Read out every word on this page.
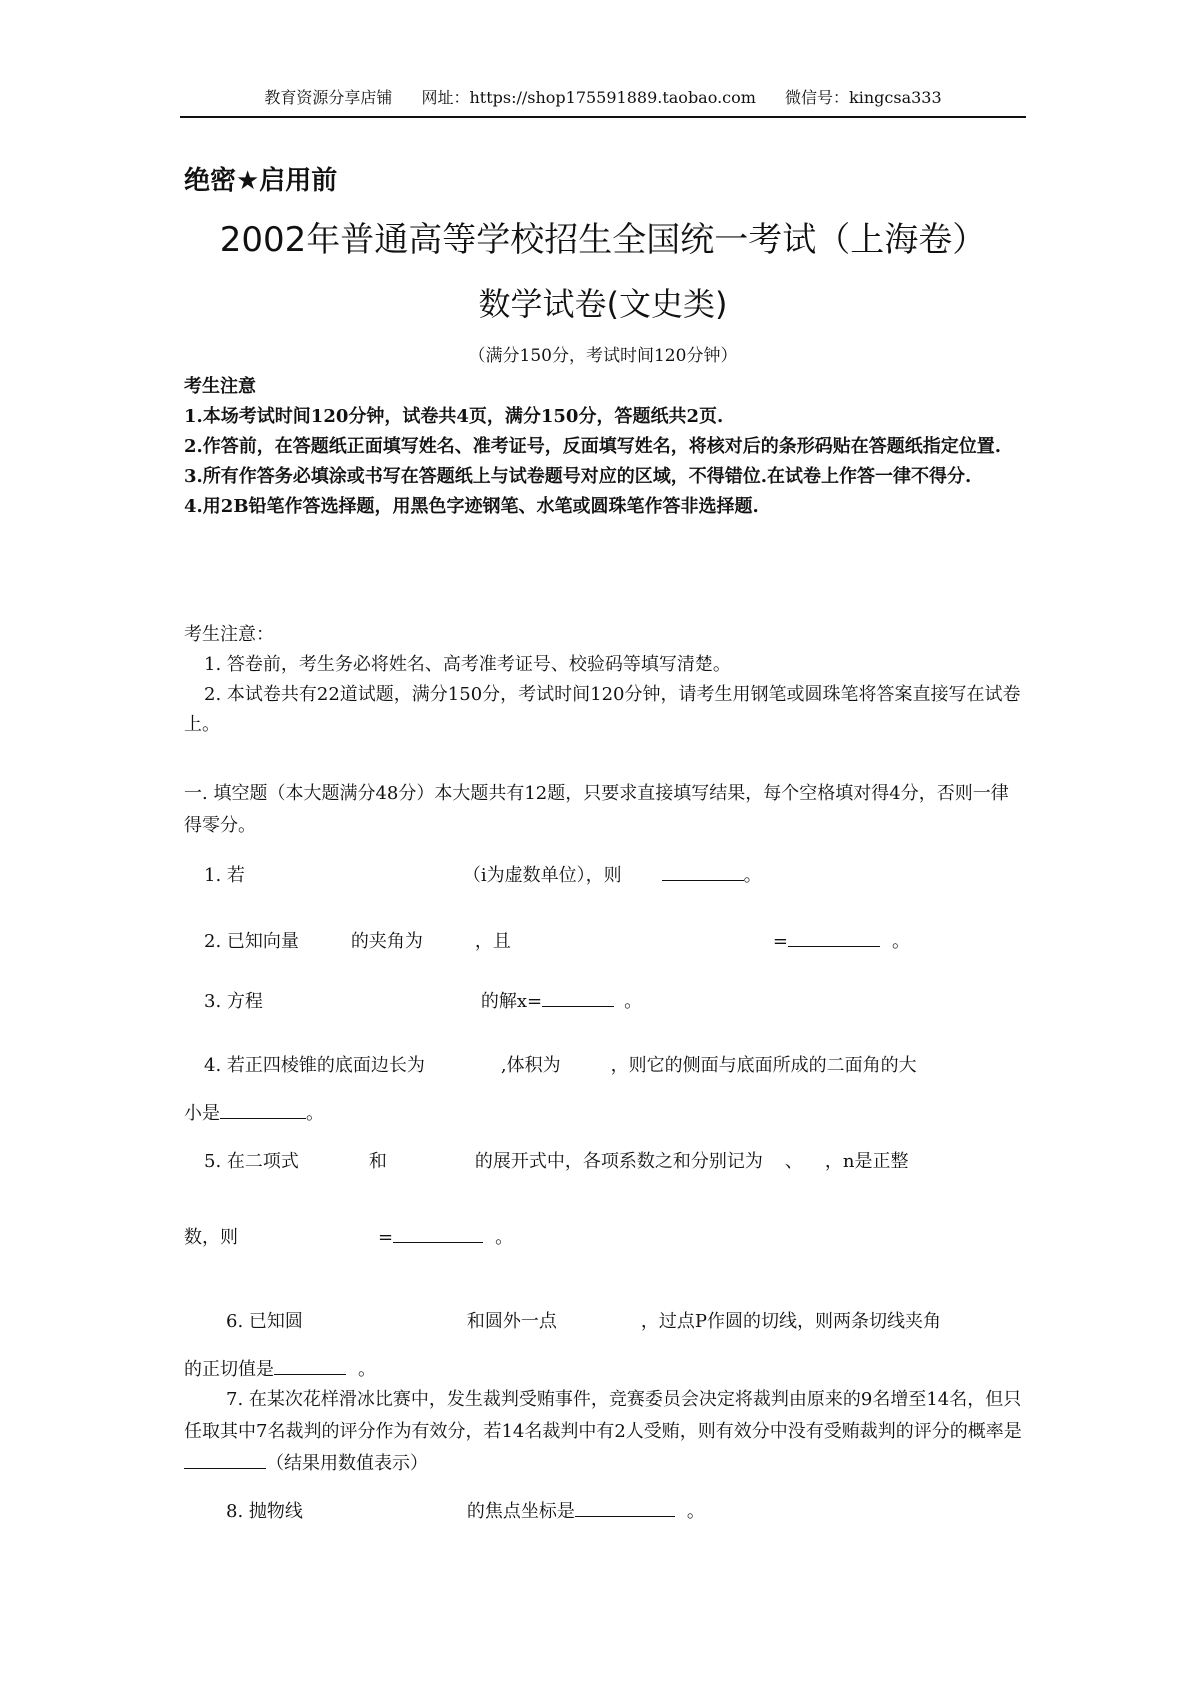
教育资源分享店铺 网址：https://shop175591889.taobao.com 微信号：kingcsa333
绝密★启用前
2002年普通高等学校招生全国统一考试（上海卷）
数学试卷(文史类)
（满分150分，考试时间120分钟）

考生注意

1.本场考试时间120分钟，试卷共4页，满分150分，答题纸共2页.

2.作答前，在答题纸正面填写姓名、准考证号，反面填写姓名，将核对后的条形码贴在答题纸指定位置.

3.所有作答务必填涂或书写在答题纸上与试卷题号对应的区域，不得错位.在试卷上作答一律不得分.

4.用2B铅笔作答选择题，用黑色字迹钢笔、水笔或圆珠笔作答非选择题.

考生注意：

1. 答卷前，考生务必将姓名、高考准考证号、校验码等填写清楚。

2. 本试卷共有22道试题，满分150分，考试时间120分钟，请考生用钢笔或圆珠笔将答案直接写在试卷上。

一. 填空题（本大题满分48分）本大题共有12题，只要求直接填写结果，每个空格填对得4分，否则一律得零分。
1. 若	（i为虚数单位），则	。
2. 已知向量	的夹角为	，且	=	。
3. 方程	的解x=	。
4. 若正四棱锥的底面边长为	,体积为	，则它的侧面与底面所成的二面角的大
小是	。
5. 在二项式	和	的展开式中，各项系数之和分别记为 、 ，n是正整
数，则	=	。
6. 已知圆	和圆外一点	，过点P作圆的切线，则两条切线夹角
的正切值是	。
7. 在某次花样滑冰比赛中，发生裁判受贿事件，竞赛委员会决定将裁判由原来的9名增至14名，但只任取其中7名裁判的评分作为有效分，若14名裁判中有2人受贿，则有效分中没有受贿裁判的评分的概率是（结果用数值表示）
8. 抛物线	的焦点坐标是	。
